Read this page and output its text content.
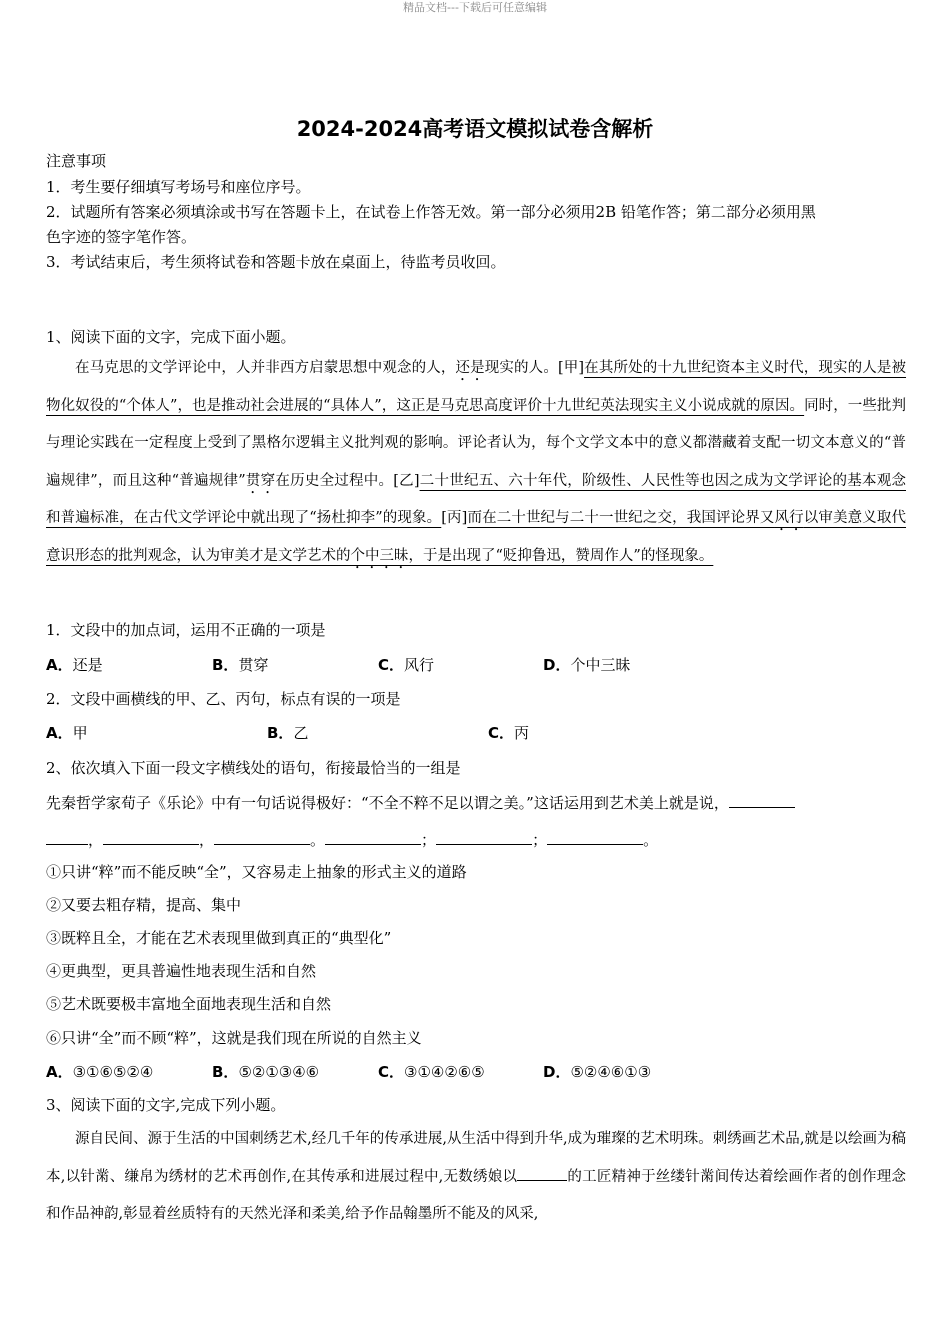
精品文档---下载后可任意编辑
2024-2024高考语文模拟试卷含解析
注意事项
1．考生要仔细填写考场号和座位序号。
2．试题所有答案必须填涂或书写在答题卡上，在试卷上作答无效。第一部分必须用2B 铅笔作答；第二部分必须用黑
色字迹的签字笔作答。
3．考试结束后，考生须将试卷和答题卡放在桌面上，待监考员收回。
1、阅读下面的文字，完成下面小题。

在马克思的文学评论中，人并非西方启蒙思想中观念的人，还是现实的人。[甲]在其所处的十九世纪资本主义时代，现实的人是被物化奴役的“个体人”，也是推动社会进展的“具体人”，这正是马克思高度评价十九世纪英法现实主义小说成就的原因。同时，一些批判与理论实践在一定程度上受到了黑格尔逻辑主义批判观的影响。评论者认为，每个文学文本中的意义都潜藏着支配一切文本意义的“普遍规律”，而且这种“普遍规律”贯穿在历史全过程中。[乙]二十世纪五、六十年代，阶级性、人民性等也因之成为文学评论的基本观念和普遍标准，在古代文学评论中就出现了“扬杜抑李”的现象。[丙]而在二十世纪与二十一世纪之交，我国评论界又风行以审美意义取代意识形态的批判观念，认为审美才是文学艺术的个中三昧，于是出现了“贬抑鲁迅，赞周作人”的怪现象。

1．文段中的加点词，运用不正确的一项是
A．还是	B．贯穿	C．风行	D．个中三昧
2．文段中画横线的甲、乙、丙句，标点有误的一项是
A．甲	B．乙	C．丙
2、依次填入下面一段文字横线处的语句，衔接最恰当的一组是
先秦哲学家荀子《乐论》中有一句话说得极好：“不全不粹不足以谓之美。”这话运用到艺术美上就是说，
，	，	。	；	；	。
①只讲“粹”而不能反映“全”，又容易走上抽象的形式主义的道路
②又要去粗存精，提高、集中
③既粹且全，才能在艺术表现里做到真正的“典型化”
④更典型，更具普遍性地表现生活和自然
⑤艺术既要极丰富地全面地表现生活和自然
⑥只讲“全”而不顾“粹”，这就是我们现在所说的自然主义
A．③①⑥⑤②④	B．⑤②①③④⑥	C．③①④②⑥⑤	D．⑤②④⑥①③
3、阅读下面的文字,完成下列小题。

源自民间、源于生活的中国刺绣艺术,经几千年的传承进展,从生活中得到升华,成为璀璨的艺术明珠。刺绣画艺术品,就是以绘画为稿本,以针黹、缣帛为绣材的艺术再创作,在其传承和进展过程中,无数绣娘以	的工匠精神于丝缕针黹间传达着绘画作者的创作理念和作品神韵,彰显着丝质特有的天然光泽和柔美,给予作品翰墨所不能及的风采,
